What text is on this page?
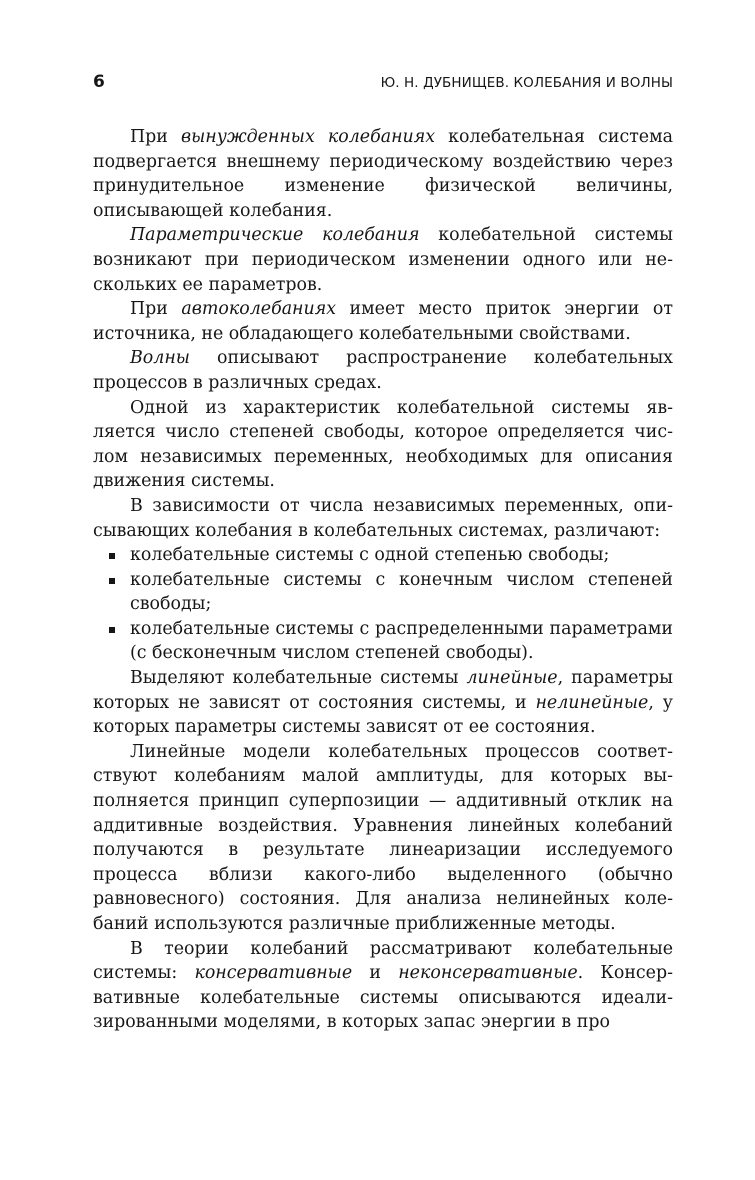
6	Ю. Н. ДУБНИЩЕВ. КОЛЕБАНИЯ И ВОЛНЫ

При вынужденных колебаниях колебательная система подвергается внешнему периодическому воздействию через принудительное изменение физической величины, описывающей колебания.

Параметрические колебания колебательной системы возникают при периодическом изменении одного или нескольких ее параметров.

При автоколебаниях имеет место приток энергии от источника, не обладающего колебательными свойствами.

Волны описывают распространение колебательных процессов в различных средах.

Одной из характеристик колебательной системы является число степеней свободы, которое определяется числом независимых переменных, необходимых для описания движения системы.

В зависимости от числа независимых переменных, описывающих колебания в колебательных системах, различают:

колебательные системы с одной степенью свободы;
колебательные системы с конечным числом степеней свободы;
колебательные системы с распределенными параметрами (с бесконечным числом степеней свободы).

Выделяют колебательные системы линейные, параметры которых не зависят от состояния системы, и нелинейные, у которых параметры системы зависят от ее состояния.

Линейные модели колебательных процессов соответствуют колебаниям малой амплитуды, для которых выполняется принцип суперпозиции — аддитивный отклик на аддитивные воздействия. Уравнения линейных колебаний получаются в результате линеаризации исследуемого процесса вблизи какого-либо выделенного (обычно равновесного) состояния. Для анализа нелинейных колебаний используются различные приближенные методы.

В теории колебаний рассматривают колебательные системы: консервативные и неконсервативные. Консервативные колебательные системы описываются идеализированными моделями, в которых запас энергии в про
